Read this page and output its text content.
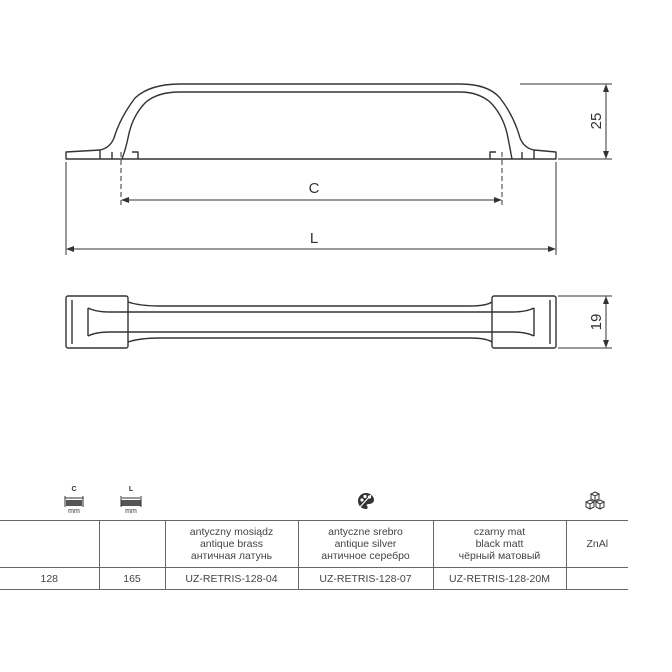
25
C
L
19
C
mm
L
mm

		antyczny mosiądz
antique brass
античная латунь	antyczne srebro
antique silver
античное серебро	czarny mat
black matt
чёрный матовый	ZnAl
128	165	UZ-RETRIS-128-04	UZ-RETRIS-128-07	UZ-RETRIS-128-20M	
